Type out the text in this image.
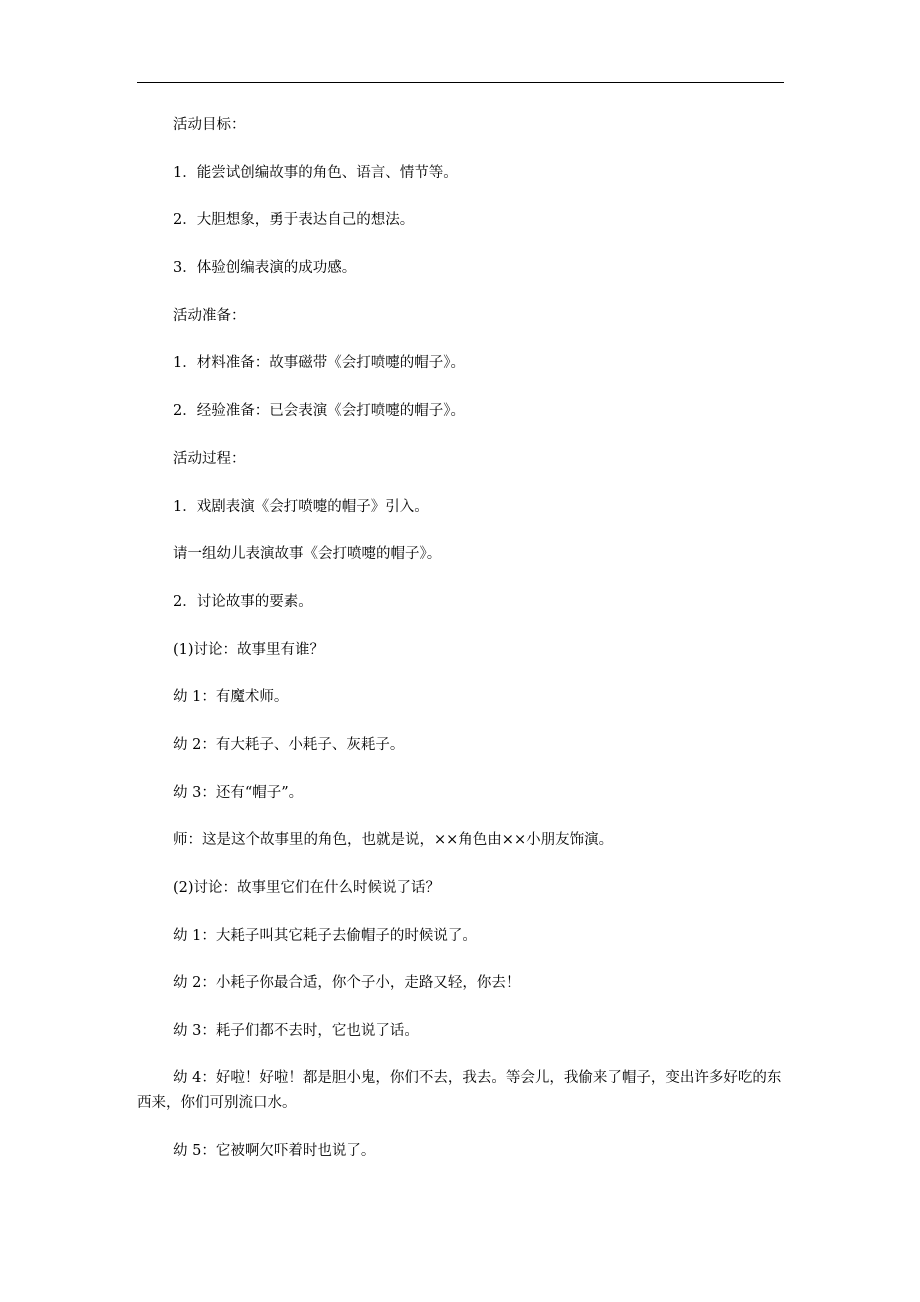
活动目标：

1．能尝试创编故事的角色、语言、情节等。

2．大胆想象，勇于表达自己的想法。

3．体验创编表演的成功感。

活动准备：

1．材料准备：故事磁带《会打喷嚏的帽子》。

2．经验准备：已会表演《会打喷嚏的帽子》。

活动过程：

1．戏剧表演《会打喷嚏的帽子》引入。

请一组幼儿表演故事《会打喷嚏的帽子》。

2．讨论故事的要素。

(1)讨论：故事里有谁？

幼 1：有魔术师。

幼 2：有大耗子、小耗子、灰耗子。

幼 3：还有“帽子”。

师：这是这个故事里的角色，也就是说，××角色由××小朋友饰演。

(2)讨论：故事里它们在什么时候说了话？

幼 1：大耗子叫其它耗子去偷帽子的时候说了。

幼 2：小耗子你最合适，你个子小，走路又轻，你去！

幼 3：耗子们都不去时，它也说了话。

幼 4：好啦！好啦！都是胆小鬼，你们不去，我去。等会儿，我偷来了帽子，变出许多好吃的东西来，你们可别流口水。

幼 5：它被啊欠吓着时也说了。
